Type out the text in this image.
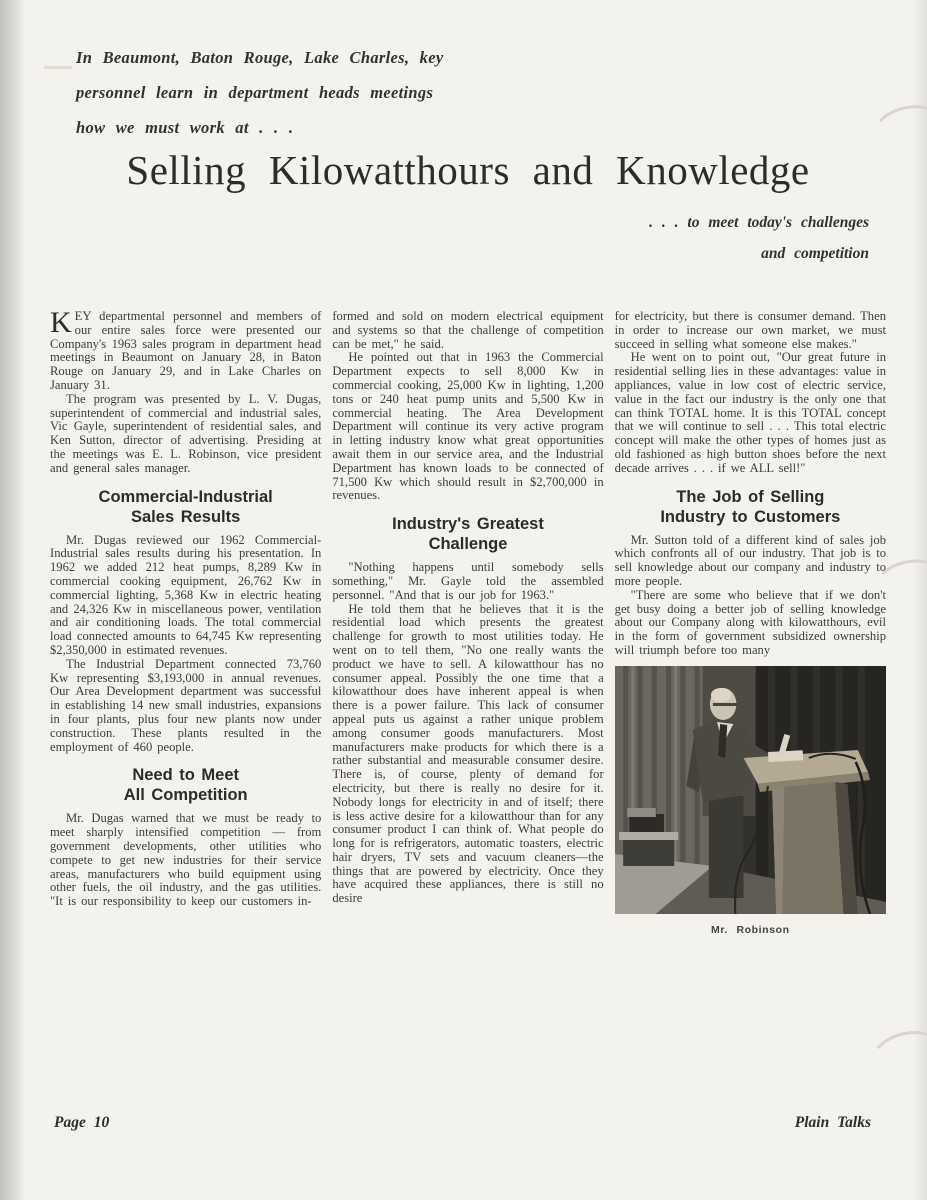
In Beaumont, Baton Rouge, Lake Charles, key
personnel learn in department heads meetings
how we must work at . . .
Selling Kilowatthours and Knowledge
. . . to meet today's challenges
and competition

KEY departmental personnel and members of our entire sales force were presented our Company's 1963 sales program in department head meetings in Beaumont on January 28, in Baton Rouge on January 29, and in Lake Charles on January 31.

The program was presented by L. V. Dugas, superintendent of commercial and industrial sales, Vic Gayle, superintendent of residential sales, and Ken Sutton, director of advertising. Presiding at the meetings was E. L. Robinson, vice president and general sales manager.

Commercial-Industrial
Sales Results

Mr. Dugas reviewed our 1962 Commercial-Industrial sales results during his presentation. In 1962 we added 212 heat pumps, 8,289 Kw in commercial cooking equipment, 26,762 Kw in commercial lighting, 5,368 Kw in electric heating and 24,326 Kw in miscellaneous power, ventilation and air conditioning loads. The total commercial load connected amounts to 64,745 Kw representing $2,350,000 in estimated revenues.

The Industrial Department connected 73,760 Kw representing $3,193,000 in annual revenues. Our Area Development department was successful in establishing 14 new small industries, expansions in four plants, plus four new plants now under construction. These plants resulted in the employment of 460 people.

Need to Meet
All Competition

Mr. Dugas warned that we must be ready to meet sharply intensified competition — from government developments, other utilities who compete to get new industries for their service areas, manufacturers who build equipment using other fuels, the oil industry, and the gas utilities. "It is our responsibility to keep our customers in-

formed and sold on modern electrical equipment and systems so that the challenge of competition can be met," he said.

He pointed out that in 1963 the Commercial Department expects to sell 8,000 Kw in commercial cooking, 25,000 Kw in lighting, 1,200 tons or 240 heat pump units and 5,500 Kw in commercial heating. The Area Development Department will continue its very active program in letting industry know what great opportunities await them in our service area, and the Industrial Department has known loads to be connected of 71,500 Kw which should result in $2,700,000 in revenues.

Industry's Greatest
Challenge

"Nothing happens until somebody sells something," Mr. Gayle told the assembled personnel. "And that is our job for 1963."

He told them that he believes that it is the residential load which presents the greatest challenge for growth to most utilities today. He went on to tell them, "No one really wants the product we have to sell. A kilowatthour has no consumer appeal. Possibly the one time that a kilowatthour does have inherent appeal is when there is a power failure. This lack of consumer appeal puts us against a rather unique problem among consumer goods manufacturers. Most manufacturers make products for which there is a rather substantial and measurable consumer desire. There is, of course, plenty of demand for electricity, but there is really no desire for it. Nobody longs for electricity in and of itself; there is less active desire for a kilowatthour than for any consumer product I can think of. What people do long for is refrigerators, automatic toasters, electric hair dryers, TV sets and vacuum cleaners—the things that are powered by electricity. Once they have acquired these appliances, there is still no desire

for electricity, but there is consumer demand. Then in order to increase our own market, we must succeed in selling what someone else makes."

He went on to point out, "Our great future in residential selling lies in these advantages: value in appliances, value in low cost of electric service, value in the fact our industry is the only one that can think TOTAL home. It is this TOTAL concept that we will continue to sell . . . This total electric concept will make the other types of homes just as old fashioned as high button shoes before the next decade arrives . . . if we ALL sell!"

The Job of Selling
Industry to Customers

Mr. Sutton told of a different kind of sales job which confronts all of our industry. That job is to sell knowledge about our company and industry to more people.

"There are some who believe that if we don't get busy doing a better job of selling knowledge about our Company along with kilowatthours, evil in the form of government subsidized ownership will triumph before too many

Mr. Robinson
Page 10	Plain Talks
